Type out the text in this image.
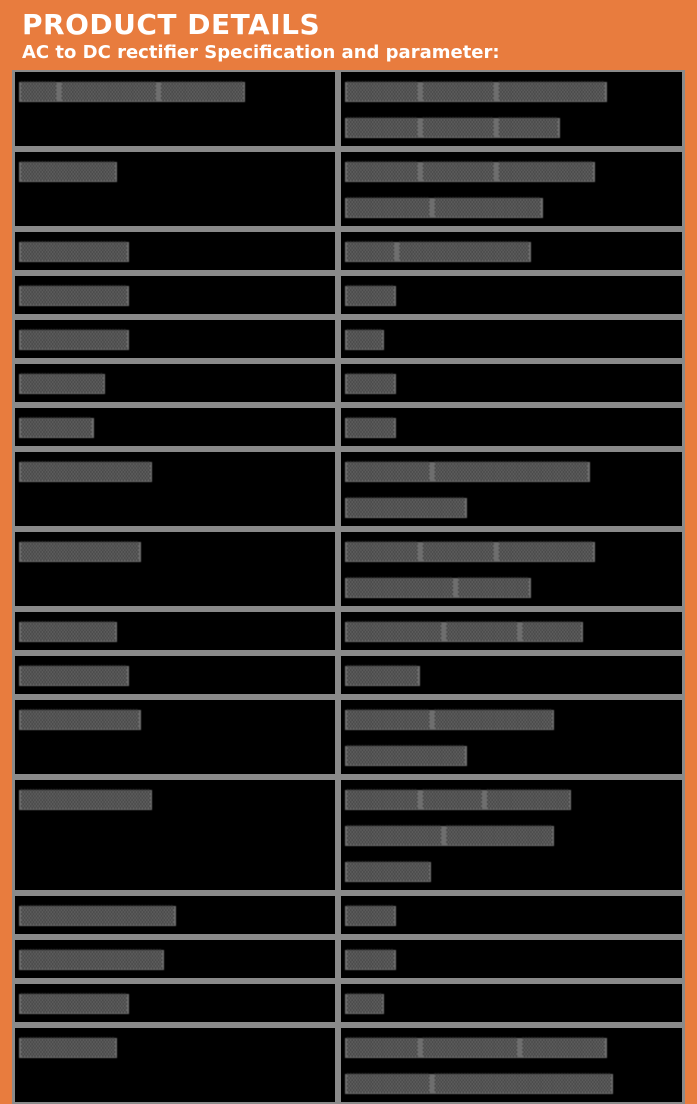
PRODUCT DETAILS
AC to DC rectifier Specification and parameter:
▒▒▒ ▒▒▒▒▒▒▒▒ ▒▒▒▒▒▒▒	▒▒▒▒▒▒ ▒▒▒▒▒▒ ▒▒▒▒▒▒▒▒▒
▒▒▒▒▒▒ ▒▒▒▒▒▒ ▒▒▒▒▒
▒▒▒▒▒▒▒▒	▒▒▒▒▒▒ ▒▒▒▒▒▒ ▒▒▒▒▒▒▒▒
▒▒▒▒▒▒▒ ▒▒▒▒▒▒▒▒▒
▒▒▒▒▒▒▒▒▒	▒▒▒▒ ▒▒▒▒▒▒▒▒▒▒▒
▒▒▒▒▒▒▒▒▒	▒▒▒▒
▒▒▒▒▒▒▒▒▒	▒▒▒
▒▒▒▒▒▒▒	▒▒▒▒
▒▒▒▒▒▒	▒▒▒▒
▒▒▒▒▒▒▒▒▒▒▒	▒▒▒▒▒▒▒ ▒▒▒▒▒▒▒▒▒▒▒▒▒
▒▒▒▒▒▒▒▒▒▒
▒▒▒▒▒▒▒▒▒▒	▒▒▒▒▒▒ ▒▒▒▒▒▒ ▒▒▒▒▒▒▒▒
▒▒▒▒▒▒▒▒▒ ▒▒▒▒▒▒
▒▒▒▒▒▒▒▒	▒▒▒▒▒▒▒▒ ▒▒▒▒▒▒ ▒▒▒▒▒
▒▒▒▒▒▒▒▒▒	▒▒▒▒▒▒
▒▒▒▒▒▒▒▒▒▒	▒▒▒▒▒▒▒ ▒▒▒▒▒▒▒▒▒▒
▒▒▒▒▒▒▒▒▒▒
▒▒▒▒▒▒▒▒▒▒▒	▒▒▒▒▒▒ ▒▒▒▒▒ ▒▒▒▒▒▒▒
▒▒▒▒▒▒▒▒ ▒▒▒▒▒▒▒▒▒
▒▒▒▒▒▒▒
▒▒▒▒▒▒▒▒▒▒▒▒▒	▒▒▒▒
▒▒▒▒▒▒▒▒▒▒▒▒	▒▒▒▒
▒▒▒▒▒▒▒▒▒	▒▒▒
▒▒▒▒▒▒▒▒	▒▒▒▒▒▒ ▒▒▒▒▒▒▒▒ ▒▒▒▒▒▒▒
▒▒▒▒▒▒▒ ▒▒▒▒▒▒▒▒▒▒▒▒▒▒▒
